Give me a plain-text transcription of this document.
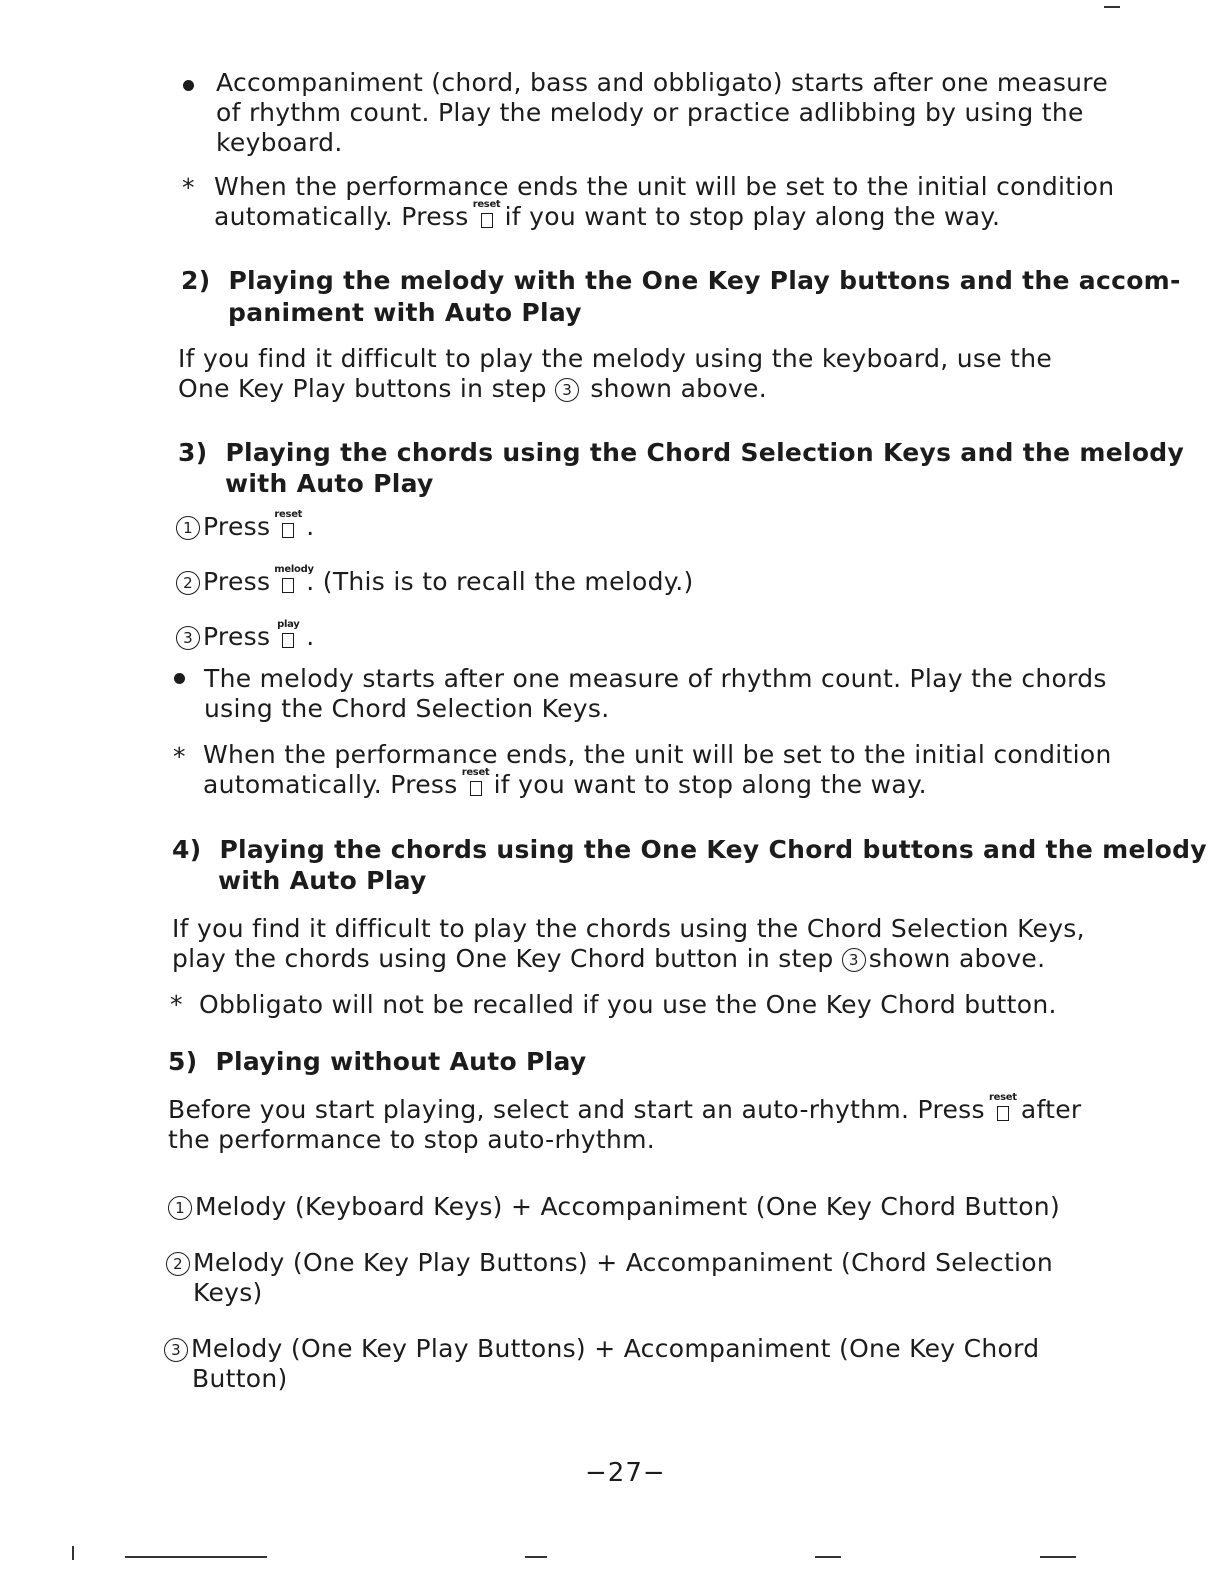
Accompaniment (chord, bass and obbligato) starts after one measure

of rhythm count. Play the melody or practice adlibbing by using the

keyboard.

* When the performance ends the unit will be set to the initial condition

automatically. Press reset if you want to stop play along the way.

2) Playing the melody with the One Key Play buttons and the accom-

paniment with Auto Play

If you find it difficult to play the melody using the keyboard, use the

One Key Play buttons in step 3 shown above.

3) Playing the chords using the Chord Selection Keys and the melody

with Auto Play

1 Press reset .

2 Press melody
. (This is to recall the melody.)

3 Press play .

The melody starts after one measure of rhythm count. Play the chords

using the Chord Selection Keys.

* When the performance ends, the unit will be set to the initial condition

automatically. Press reset if you want to stop along the way.

4) Playing the chords using the One Key Chord buttons and the melody

with Auto Play

If you find it difficult to play the chords using the Chord Selection Keys,

play the chords using One Key Chord button in step 3 shown above.

* Obbligato will not be recalled if you use the One Key Chord button.

5) Playing without Auto Play

Before you start playing, select and start an auto-rhythm. Press reset after

the performance to stop auto-rhythm.

1 Melody (Keyboard Keys) + Accompaniment (One Key Chord Button)

2 Melody (One Key Play Buttons) + Accompaniment (Chord Selection

Keys)

3 Melody (One Key Play Buttons) + Accompaniment (One Key Chord

Button)

−27−
